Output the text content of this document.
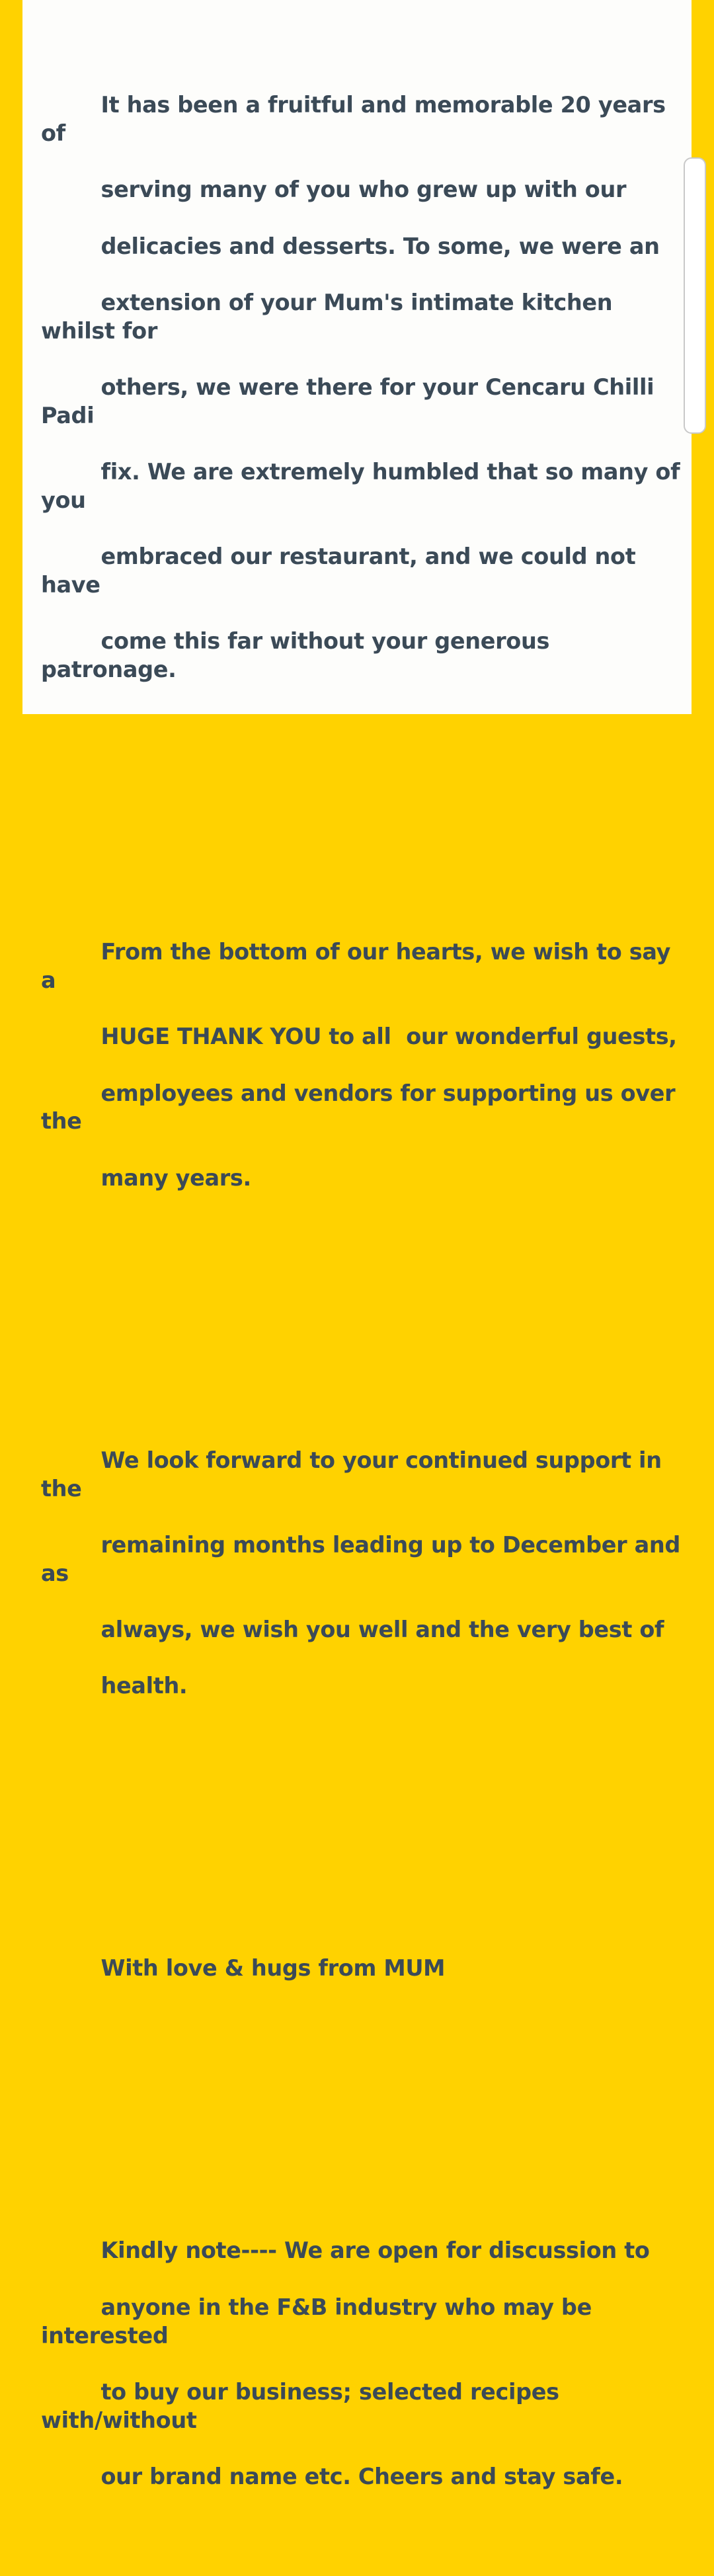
It has been a fruitful and memorable 20 years of

serving many of you who grew up with our

delicacies and desserts. To some, we were an

extension of your Mum's intimate kitchen whilst for

others, we were there for your Cencaru Chilli Padi

fix. We are extremely humbled that so many of you

embraced our restaurant, and we could not have

come this far without your generous patronage.

From the bottom of our hearts, we wish to say a

HUGE THANK YOU to all  our wonderful guests,

employees and vendors for supporting us over the

many years.

We look forward to your continued support in the

remaining months leading up to December and as

always, we wish you well and the very best of

health.

With love & hugs from MUM

Kindly note---- We are open for discussion to

anyone in the F&B industry who may be interested

to buy our business; selected recipes with/without

our brand name etc. Cheers and stay safe.
